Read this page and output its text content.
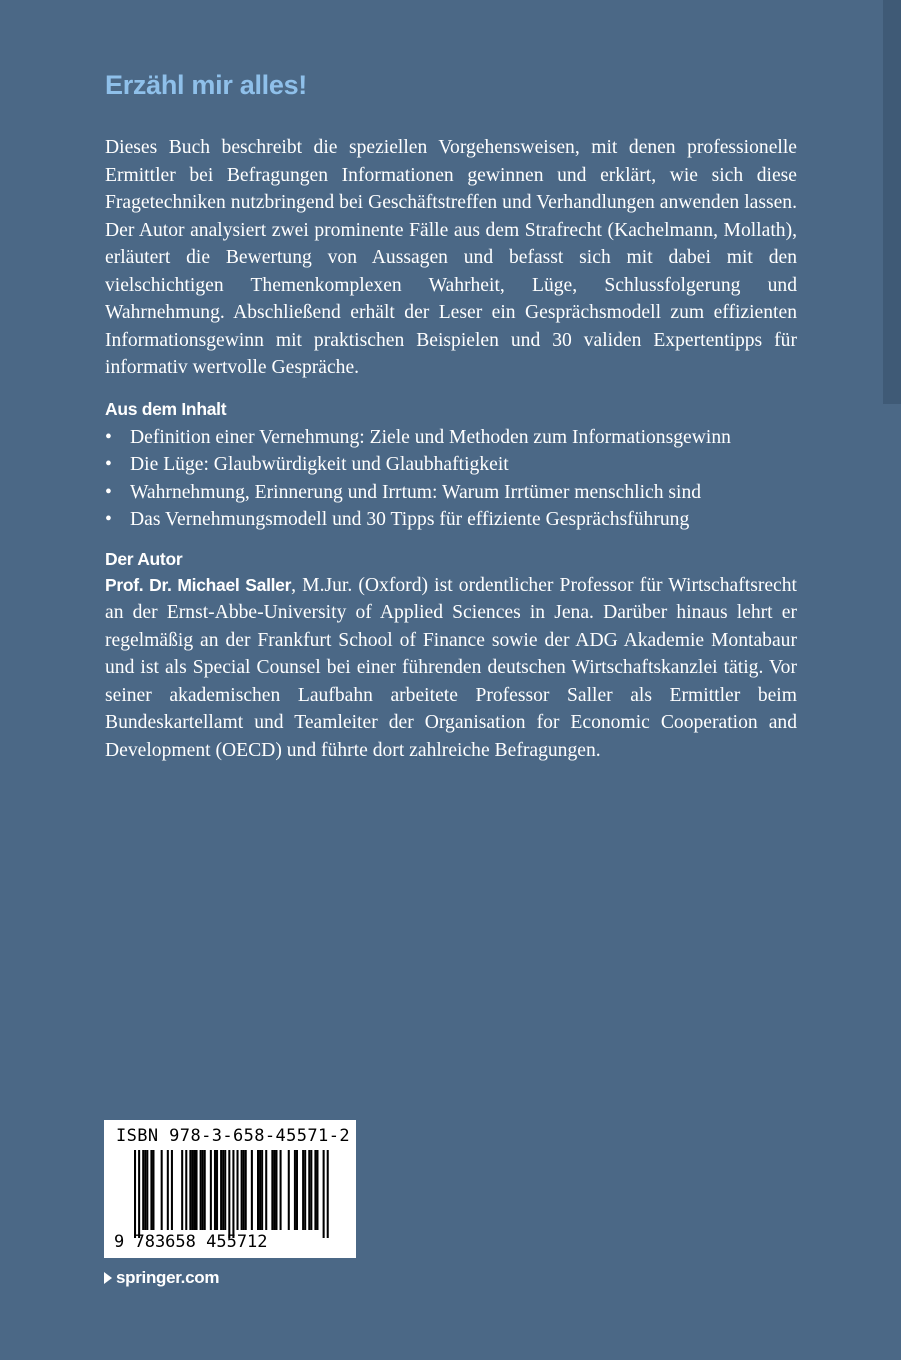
Erzähl mir alles!

Dieses Buch beschreibt die speziellen Vorgehensweisen, mit denen professionelle Ermittler bei Befragungen Informationen gewinnen und erklärt, wie sich diese Fragetechniken nutzbringend bei Geschäftstreffen und Verhandlungen anwenden lassen. Der Autor analysiert zwei prominente Fälle aus dem Strafrecht (Kachelmann, Mollath), erläutert die Bewertung von Aussagen und befasst sich mit dabei mit den vielschichtigen Themenkomplexen Wahrheit, Lüge, Schlussfolgerung und Wahrnehmung. Abschließend erhält der Leser ein Gesprächsmodell zum effizienten Informationsgewinn mit praktischen Beispielen und 30 validen Expertentipps für informativ wertvolle Gespräche.

Aus dem Inhalt
• Definition einer Vernehmung: Ziele und Methoden zum Informationsgewinn
• Die Lüge: Glaubwürdigkeit und Glaubhaftigkeit
• Wahrnehmung, Erinnerung und Irrtum: Warum Irrtümer menschlich sind
• Das Vernehmungsmodell und 30 Tipps für effiziente Gesprächsführung
Der Autor

Prof. Dr. Michael Saller, M.Jur. (Oxford) ist ordentlicher Professor für Wirtschaftsrecht an der Ernst-Abbe-University of Applied Sciences in Jena. Darüber hinaus lehrt er regelmäßig an der Frankfurt School of Finance sowie der ADG Akademie Montabaur und ist als Special Counsel bei einer führenden deutschen Wirtschaftskanzlei tätig. Vor seiner akademischen Laufbahn arbeitete Professor Saller als Ermittler beim Bundeskartellamt und Teamleiter der Organisation for Economic Cooperation and Development (OECD) und führte dort zahlreiche Befragungen.

ISBN 978-3-658-45571-2
9 783658 455712
springer.com
